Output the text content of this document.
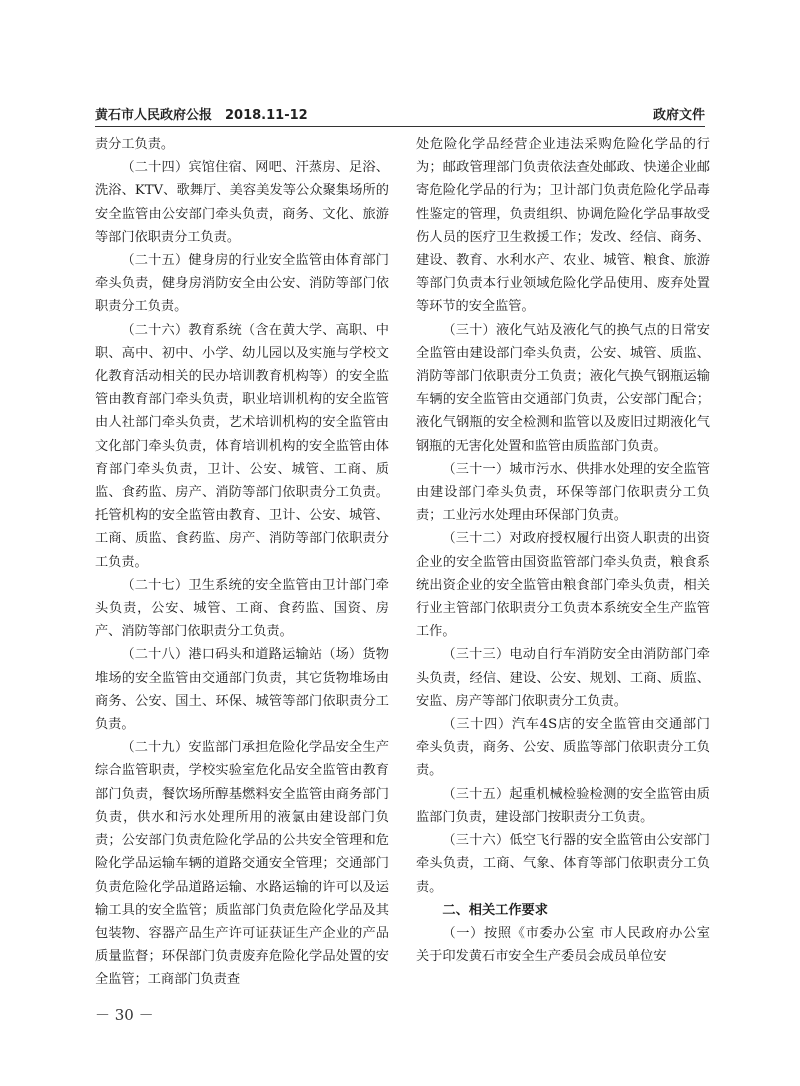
黄石市人民政府公报　2018.11-12	政府文件

责分工负责。

（二十四）宾馆住宿、网吧、汗蒸房、足浴、洗浴、KTV、歌舞厅、美容美发等公众聚集场所的安全监管由公安部门牵头负责，商务、文化、旅游等部门依职责分工负责。

（二十五）健身房的行业安全监管由体育部门牵头负责，健身房消防安全由公安、消防等部门依职责分工负责。

（二十六）教育系统（含在黄大学、高职、中职、高中、初中、小学、幼儿园以及实施与学校文化教育活动相关的民办培训教育机构等）的安全监管由教育部门牵头负责，职业培训机构的安全监管由人社部门牵头负责，艺术培训机构的安全监管由文化部门牵头负责，体育培训机构的安全监管由体育部门牵头负责，卫计、公安、城管、工商、质监、食药监、房产、消防等部门依职责分工负责。托管机构的安全监管由教育、卫计、公安、城管、工商、质监、食药监、房产、消防等部门依职责分工负责。

（二十七）卫生系统的安全监管由卫计部门牵头负责，公安、城管、工商、食药监、国资、房产、消防等部门依职责分工负责。

（二十八）港口码头和道路运输站（场）货物堆场的安全监管由交通部门负责，其它货物堆场由商务、公安、国土、环保、城管等部门依职责分工负责。

（二十九）安监部门承担危险化学品安全生产综合监管职责，学校实验室危化品安全监管由教育部门负责，餐饮场所醇基燃料安全监管由商务部门负责，供水和污水处理所用的液氯由建设部门负责；公安部门负责危险化学品的公共安全管理和危险化学品运输车辆的道路交通安全管理；交通部门负责危险化学品道路运输、水路运输的许可以及运输工具的安全监管；质监部门负责危险化学品及其包装物、容器产品生产许可证获证生产企业的产品质量监督；环保部门负责废弃危险化学品处置的安全监管；工商部门负责查

处危险化学品经营企业违法采购危险化学品的行为；邮政管理部门负责依法查处邮政、快递企业邮寄危险化学品的行为；卫计部门负责危险化学品毒性鉴定的管理，负责组织、协调危险化学品事故受伤人员的医疗卫生救援工作；发改、经信、商务、建设、教育、水利水产、农业、城管、粮食、旅游等部门负责本行业领域危险化学品使用、废弃处置等环节的安全监管。

（三十）液化气站及液化气的换气点的日常安全监管由建设部门牵头负责，公安、城管、质监、消防等部门依职责分工负责；液化气换气钢瓶运输车辆的安全监管由交通部门负责，公安部门配合；液化气钢瓶的安全检测和监管以及废旧过期液化气钢瓶的无害化处置和监管由质监部门负责。

（三十一）城市污水、供排水处理的安全监管由建设部门牵头负责，环保等部门依职责分工负责；工业污水处理由环保部门负责。

（三十二）对政府授权履行出资人职责的出资企业的安全监管由国资监管部门牵头负责，粮食系统出资企业的安全监管由粮食部门牵头负责，相关行业主管部门依职责分工负责本系统安全生产监管工作。

（三十三）电动自行车消防安全由消防部门牵头负责，经信、建设、公安、规划、工商、质监、安监、房产等部门依职责分工负责。

（三十四）汽车4S店的安全监管由交通部门牵头负责，商务、公安、质监等部门依职责分工负责。

（三十五）起重机械检验检测的安全监管由质监部门负责，建设部门按职责分工负责。

（三十六）低空飞行器的安全监管由公安部门牵头负责，工商、气象、体育等部门依职责分工负责。

二、相关工作要求

（一）按照《市委办公室 市人民政府办公室关于印发黄石市安全生产委员会成员单位安

－ 30 －
